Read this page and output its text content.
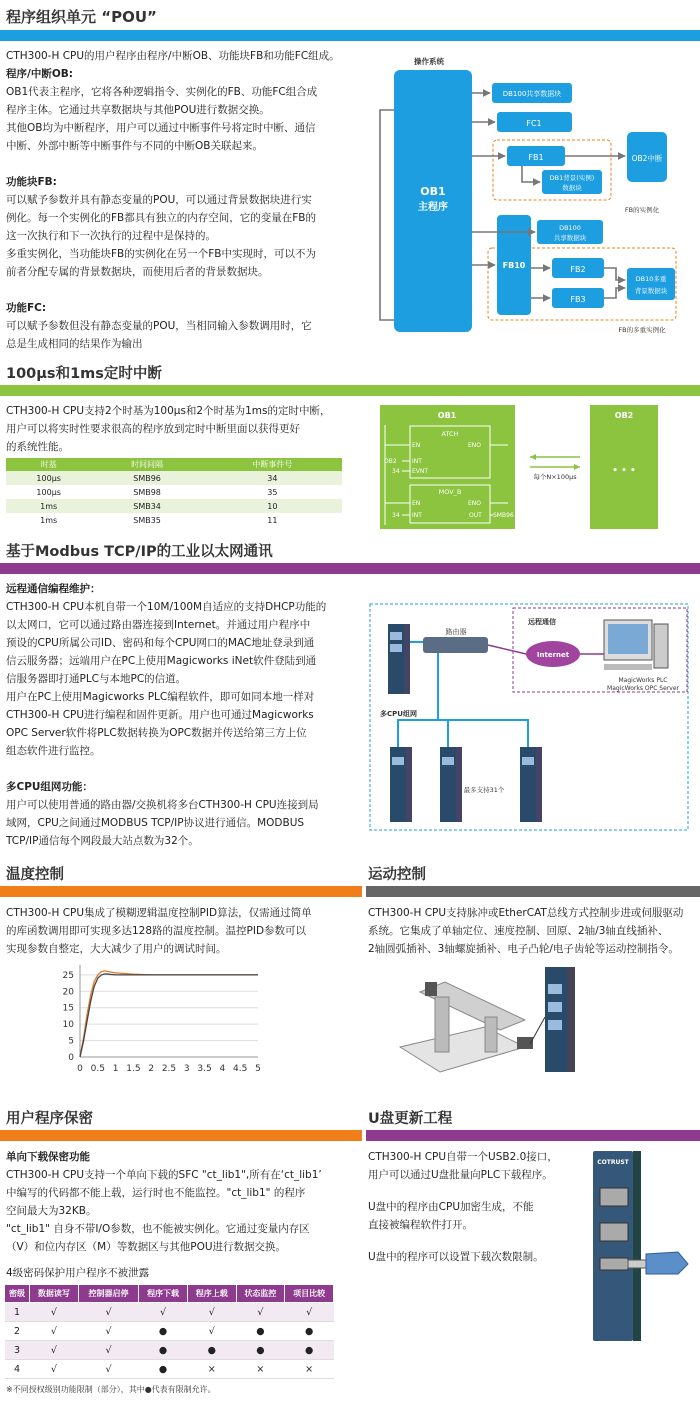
程序组织单元 “POU”
CTH300-H CPU的用户程序由程序/中断OB、功能块FB和功能FC组成。
程序/中断OB:
OB1代表主程序，它将各种逻辑指令、实例化的FB、功能FC组合成
程序主体。它通过共享数据块与其他POU进行数据交换。
其他OB均为中断程序，用户可以通过中断事件号将定时中断、通信
中断、外部中断等中断事件与不同的中断OB关联起来。
功能块FB:
可以赋予参数并具有静态变量的POU，可以通过背景数据块进行实
例化。每一个实例化的FB都具有独立的内存空间，它的变量在FB的
这一次执行和下一次执行的过程中是保持的。
多重实例化，当功能块FB的实例化在另一个FB中实现时，可以不为
前者分配专属的背景数据块，而使用后者的背景数据块。
功能FC:
可以赋予参数但没有静态变量的POU，当相同输入参数调用时，它
总是生成相同的结果作为输出
操作系统
OB1
主程序
DB100共享数据块
FC1
FB1
DB1背景(实例)
数据块
FB的实例化
OB2中断
DB100
共享数据块
FB10	FB2
FB3
DB10多重
背景数据块
FB的多重实例化
100µs和1ms定时中断
CTH300-H CPU支持2个时基为100µs和2个时基为1ms的定时中断，
用户可以将实时性要求很高的程序放到定时中断里面以获得更好
的系统性能。
时基	时间间隔	中断事件号
100µs	SMB96	34
100µs	SMB98	35
1ms	SMB34	10
1ms	SMB35	11
OB1
ATCH
EN	ENO
INT
EVNT
OB2
34
MOV_B
EN	ENO
INT	OUT
34	SMB96
每个N×100µs
OB2
• • •
基于Modbus TCP/IP的工业以太网通讯
远程通信编程维护：
CTH300-H CPU本机自带一个10M/100M自适应的支持DHCP功能的
以太网口，它可以通过路由器连接到Internet。并通过用户程序中
预设的CPU所属公司ID、密码和每个CPU网口的MAC地址登录到通
信云服务器；远端用户在PC上使用Magicworks iNet软件登陆到通
信服务器即打通PLC与本地PC的信道。
用户在PC上使用Magicworks PLC编程软件，即可如同本地一样对
CTH300-H CPU进行编程和固件更新。用户也可通过Magicworks
OPC Server软件将PLC数据转换为OPC数据并传送给第三方上位
组态软件进行监控。
多CPU组网功能：
用户可以使用普通的路由器/交换机将多台CTH300-H CPU连接到局
域网，CPU之间通过MODBUS TCP/IP协议进行通信。MODBUS
TCP/IP通信每个网段最大站点数为32个。
路由器
远程通信
Internet
MagicWorks PLC
MagicWorks OPC Server
多CPU组网
最多支持31个
温度控制
CTH300-H CPU集成了模糊逻辑温度控制PID算法，仅需通过简单
的库函数调用即可实现多达128路的温度控制。温控PID参数可以
实现参数自整定，大大减少了用户的调试时间。
0
5
10
15
20
25
0 0.5 1 1.5 2 2.5 3 3.5 4 4.5 5
运动控制
CTH300-H CPU支持脉冲或EtherCAT总线方式控制步进或伺服驱动
系统。它集成了单轴定位、速度控制、回原、2轴/3轴直线插补、
2轴圆弧插补、3轴螺旋插补、电子凸轮/电子齿轮等运动控制指令。
用户程序保密
单向下载保密功能
CTH300-H CPU支持一个单向下载的SFC "ct_lib1",所有在‘ct_lib1’
中编写的代码都不能上载，运行时也不能监控。"ct_lib1" 的程序
空间最大为32KB。
"ct_lib1" 自身不带I/O参数，也不能被实例化。它通过变量内存区
（V）和位内存区（M）等数据区与其他POU进行数据交换。
4级密码保护用户程序不被泄露
密级	数据读写	控制器启停	程序下载	程序上载	状态监控	项目比较
1	√	√	√	√	√	√
2	√	√	●	√	●	●
3	√	√	●	●	●	●
4	√	√	●	×	×	×
※不同授权级别功能限制（部分），其中●代表有限制允许。
U盘更新工程
CTH300-H CPU自带一个USB2.0接口，
用户可以通过U盘批量向PLC下载程序。
U盘中的程序由CPU加密生成，不能
直接被编程软件打开。
U盘中的程序可以设置下载次数限制。
COTRUST
